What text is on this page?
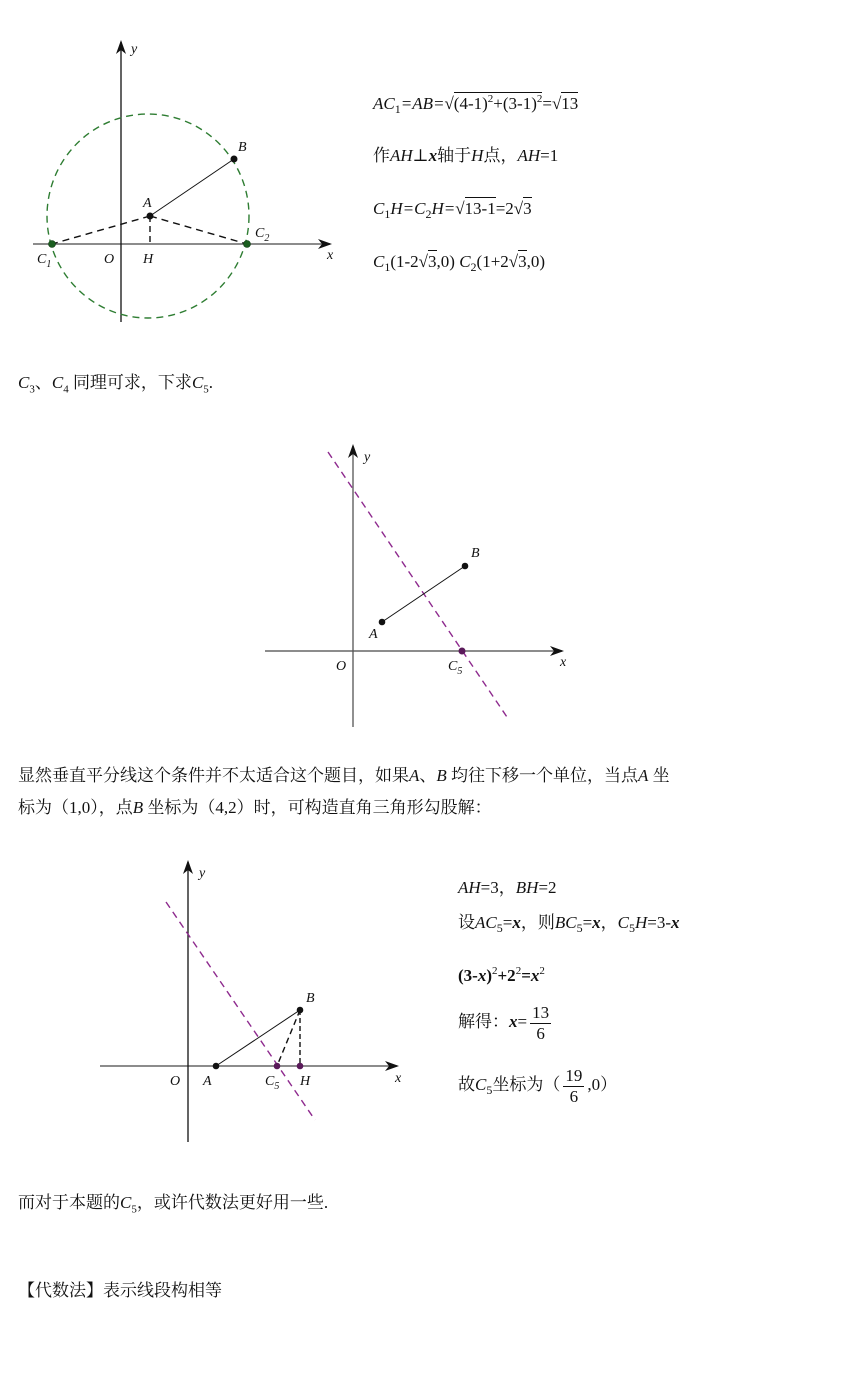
y
x
O
A
B
H
$C_1$
$C_2$
$AC_1=AB=√(4-1)^2+(3-1)^2=√13$
作AH⊥x轴于H点，AH=1
$C_1H=C_2H=√13-1=2√3$
$C_1(1-2√3,0)$ $C_2(1+2√3,0)$
$C_3$、$C_4$ 同理可求，下求$C_5$.
y
x
O
A
B
$C_5$
显然垂直平分线这个条件并不太适合这个题目，如果A、B 均往下移一个单位，当点A 坐
标为（1,0），点B 坐标为（4,2）时，可构造直角三角形勾股解：
y
x
O A
B
$C_5$ H
AH=3，BH=2
设$AC_5=x$，则$BC_5=x$，$C_5H=3-x$
$(3-x)^2+2^2=x^2$
解得：$x= \frac{13}{6}$
故$C_5$坐标为（ $\frac{19}{6} ,0$）
而对于本题的$C_5$，或许代数法更好用一些.
【代数法】表示线段构相等
